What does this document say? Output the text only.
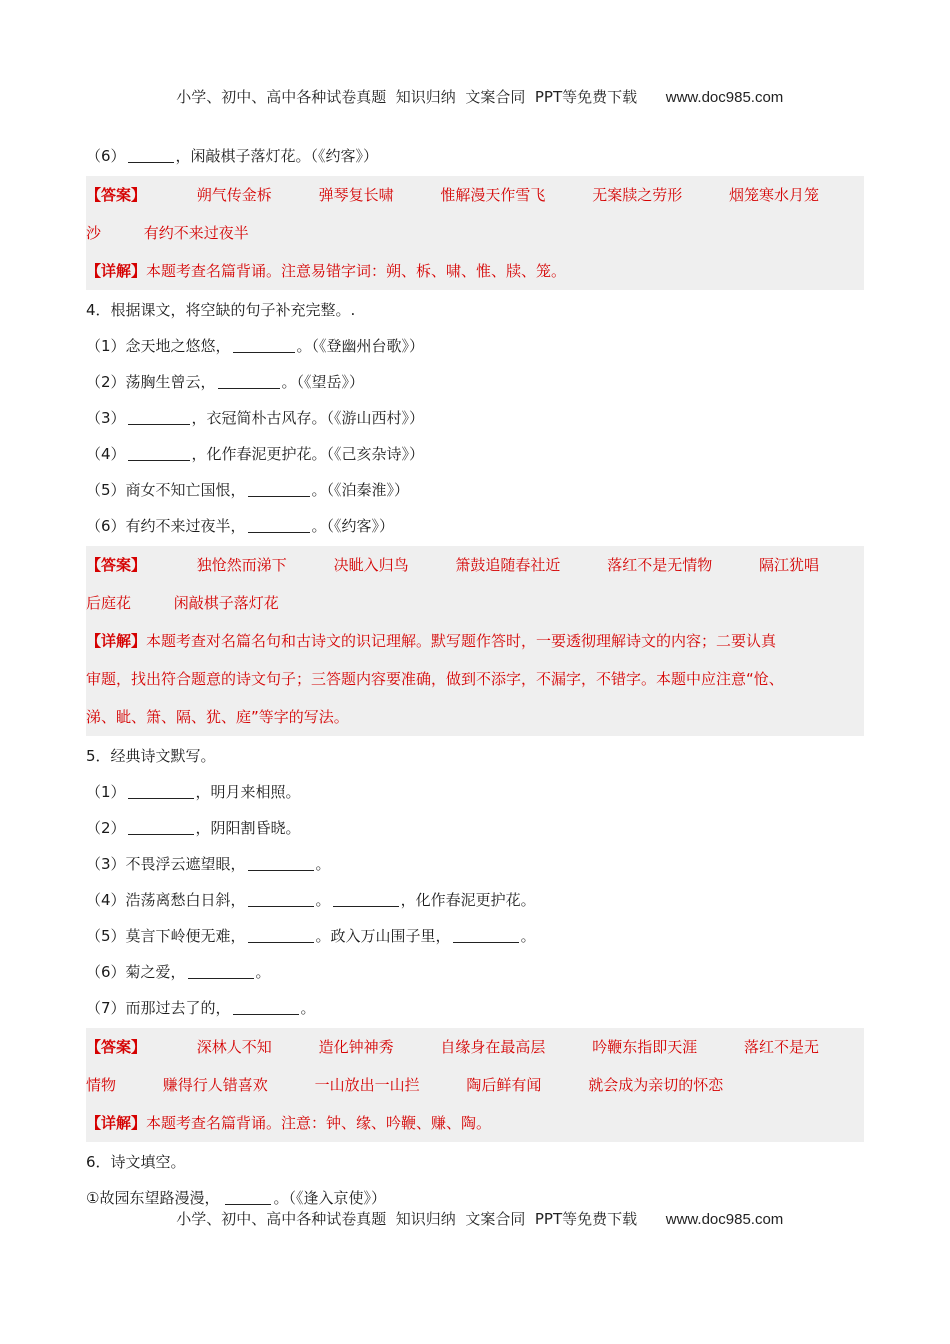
小学、初中、高中各种试卷真题  知识归纳  文案合同  PPT等免费下载 www.doc985.com

（6）	，闲敲棋子落灯花。（《约客》）
【答案】	朔气传金柝	弹琴复长啸	惟解漫天作雪飞	无案牍之劳形	烟笼寒水月笼
沙	有约不来过夜半
【详解】本题考查名篇背诵。注意易错字词：朔、柝、啸、惟、牍、笼。
4．根据课文，将空缺的句子补充完整。.
（1）念天地之悠悠，	。（《登幽州台歌》）
（2）荡胸生曾云，	。（《望岳》）
（3）	，衣冠简朴古风存。（《游山西村》）
（4）	，化作春泥更护花。（《己亥杂诗》）
（5）商女不知亡国恨，	。（《泊秦淮》）
（6）有约不来过夜半，	。（《约客》）
【答案】	独怆然而涕下	决眦入归鸟	箫鼓追随春社近	落红不是无情物	隔江犹唱
后庭花	闲敲棋子落灯花
【详解】本题考查对名篇名句和古诗文的识记理解。默写题作答时，一要透彻理解诗文的内容；二要认真
审题，找出符合题意的诗文句子；三答题内容要准确，做到不添字，不漏字，不错字。本题中应注意“怆、
涕、眦、箫、隔、犹、庭”等字的写法。
5．经典诗文默写。
（1）	，明月来相照。
（2）	，阴阳割昏晓。
（3）不畏浮云遮望眼，	。
（4）浩荡离愁白日斜，	。	，化作春泥更护花。
（5）莫言下岭便无难，	。政入万山围子里，	。
（6）菊之爱，	。
（7）而那过去了的，	。
【答案】	深林人不知	造化钟神秀	自缘身在最高层	吟鞭东指即天涯	落红不是无
情物	赚得行人错喜欢	一山放出一山拦	陶后鲜有闻	就会成为亲切的怀恋
【详解】本题考查名篇背诵。注意：钟、缘、吟鞭、赚、陶。
6．诗文填空。
①故园东望路漫漫，	。（《逢入京使》）

小学、初中、高中各种试卷真题  知识归纳  文案合同  PPT等免费下载 www.doc985.com
